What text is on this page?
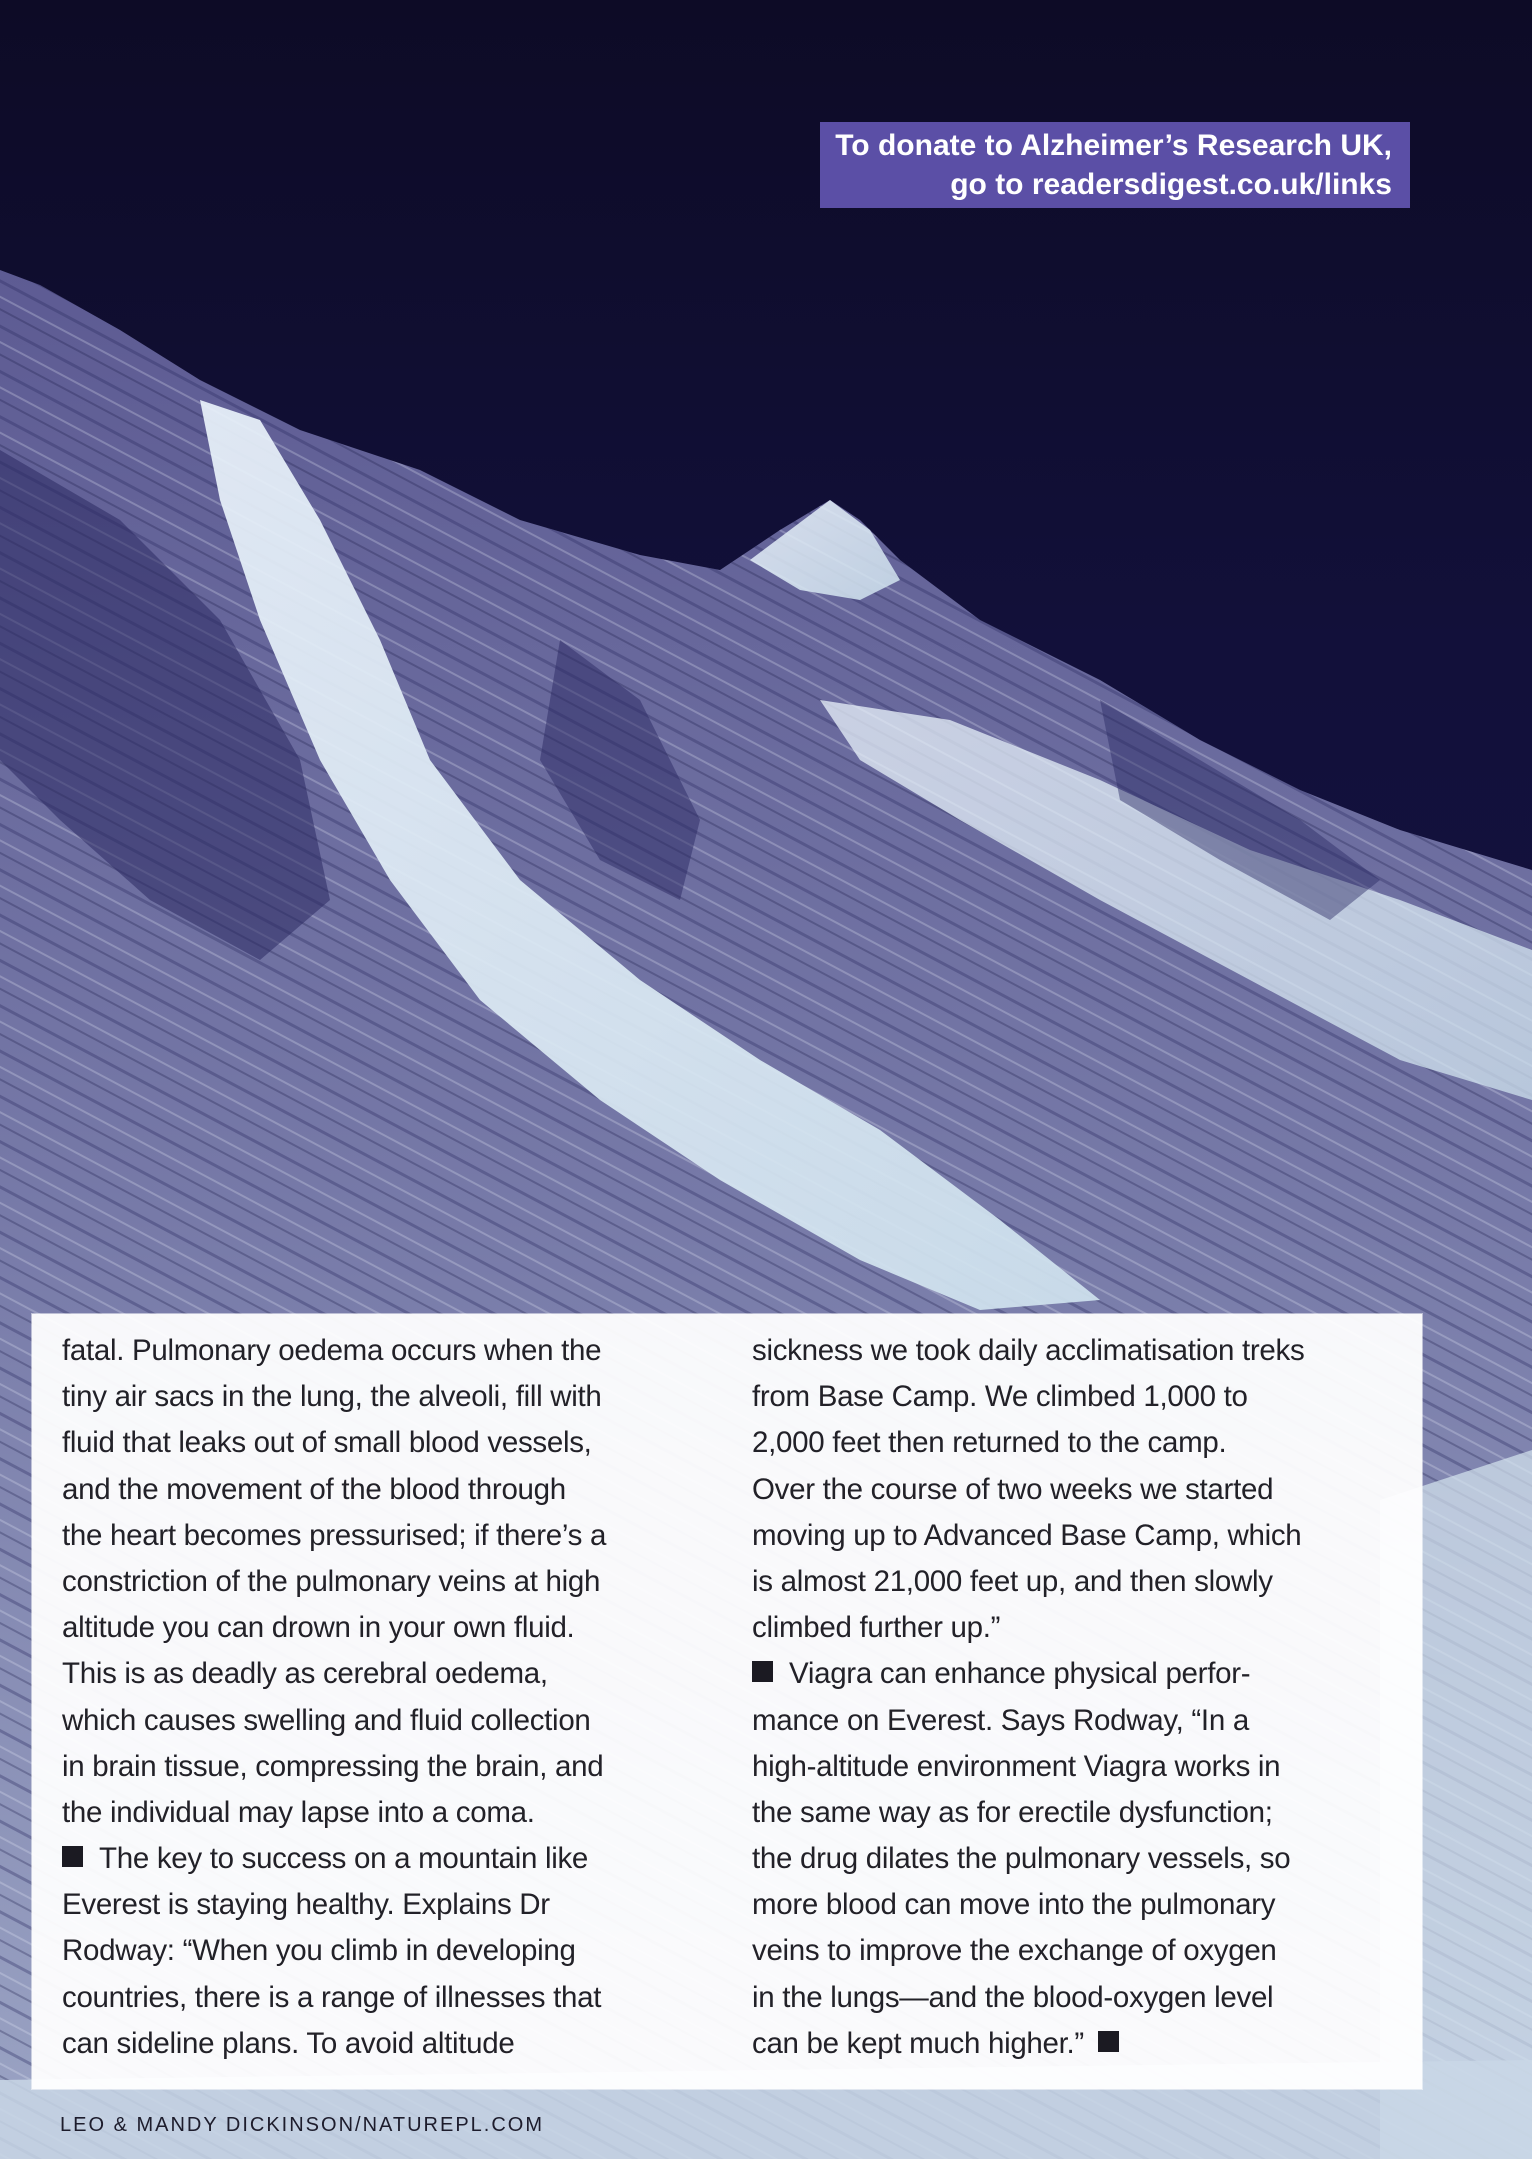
To donate to Alzheimer’s Research UK,
go to readersdigest.co.uk/links
fatal. Pulmonary oedema occurs when the
tiny air sacs in the lung, the alveoli, fill with
fluid that leaks out of small blood vessels,
and the movement of the blood through
the heart becomes pressurised; if there’s a
constriction of the pulmonary veins at high
altitude you can drown in your own fluid.
This is as deadly as cerebral oedema,
which causes swelling and fluid collection
in brain tissue, compressing the brain, and
the individual may lapse into a coma.
The key to success on a mountain like
Everest is staying healthy. Explains Dr
Rodway: “When you climb in developing
countries, there is a range of illnesses that
can sideline plans. To avoid altitude
sickness we took daily acclimatisation treks
from Base Camp. We climbed 1,000 to
2,000 feet then returned to the camp.
Over the course of two weeks we started
moving up to Advanced Base Camp, which
is almost 21,000 feet up, and then slowly
climbed further up.”
Viagra can enhance physical perfor-
mance on Everest. Says Rodway, “In a
high-altitude environment Viagra works in
the same way as for erectile dysfunction;
the drug dilates the pulmonary vessels, so
more blood can move into the pulmonary
veins to improve the exchange of oxygen
in the lungs—and the blood-oxygen level
can be kept much higher.”
LEO & MANDY DICKINSON/NATUREPL.COM
